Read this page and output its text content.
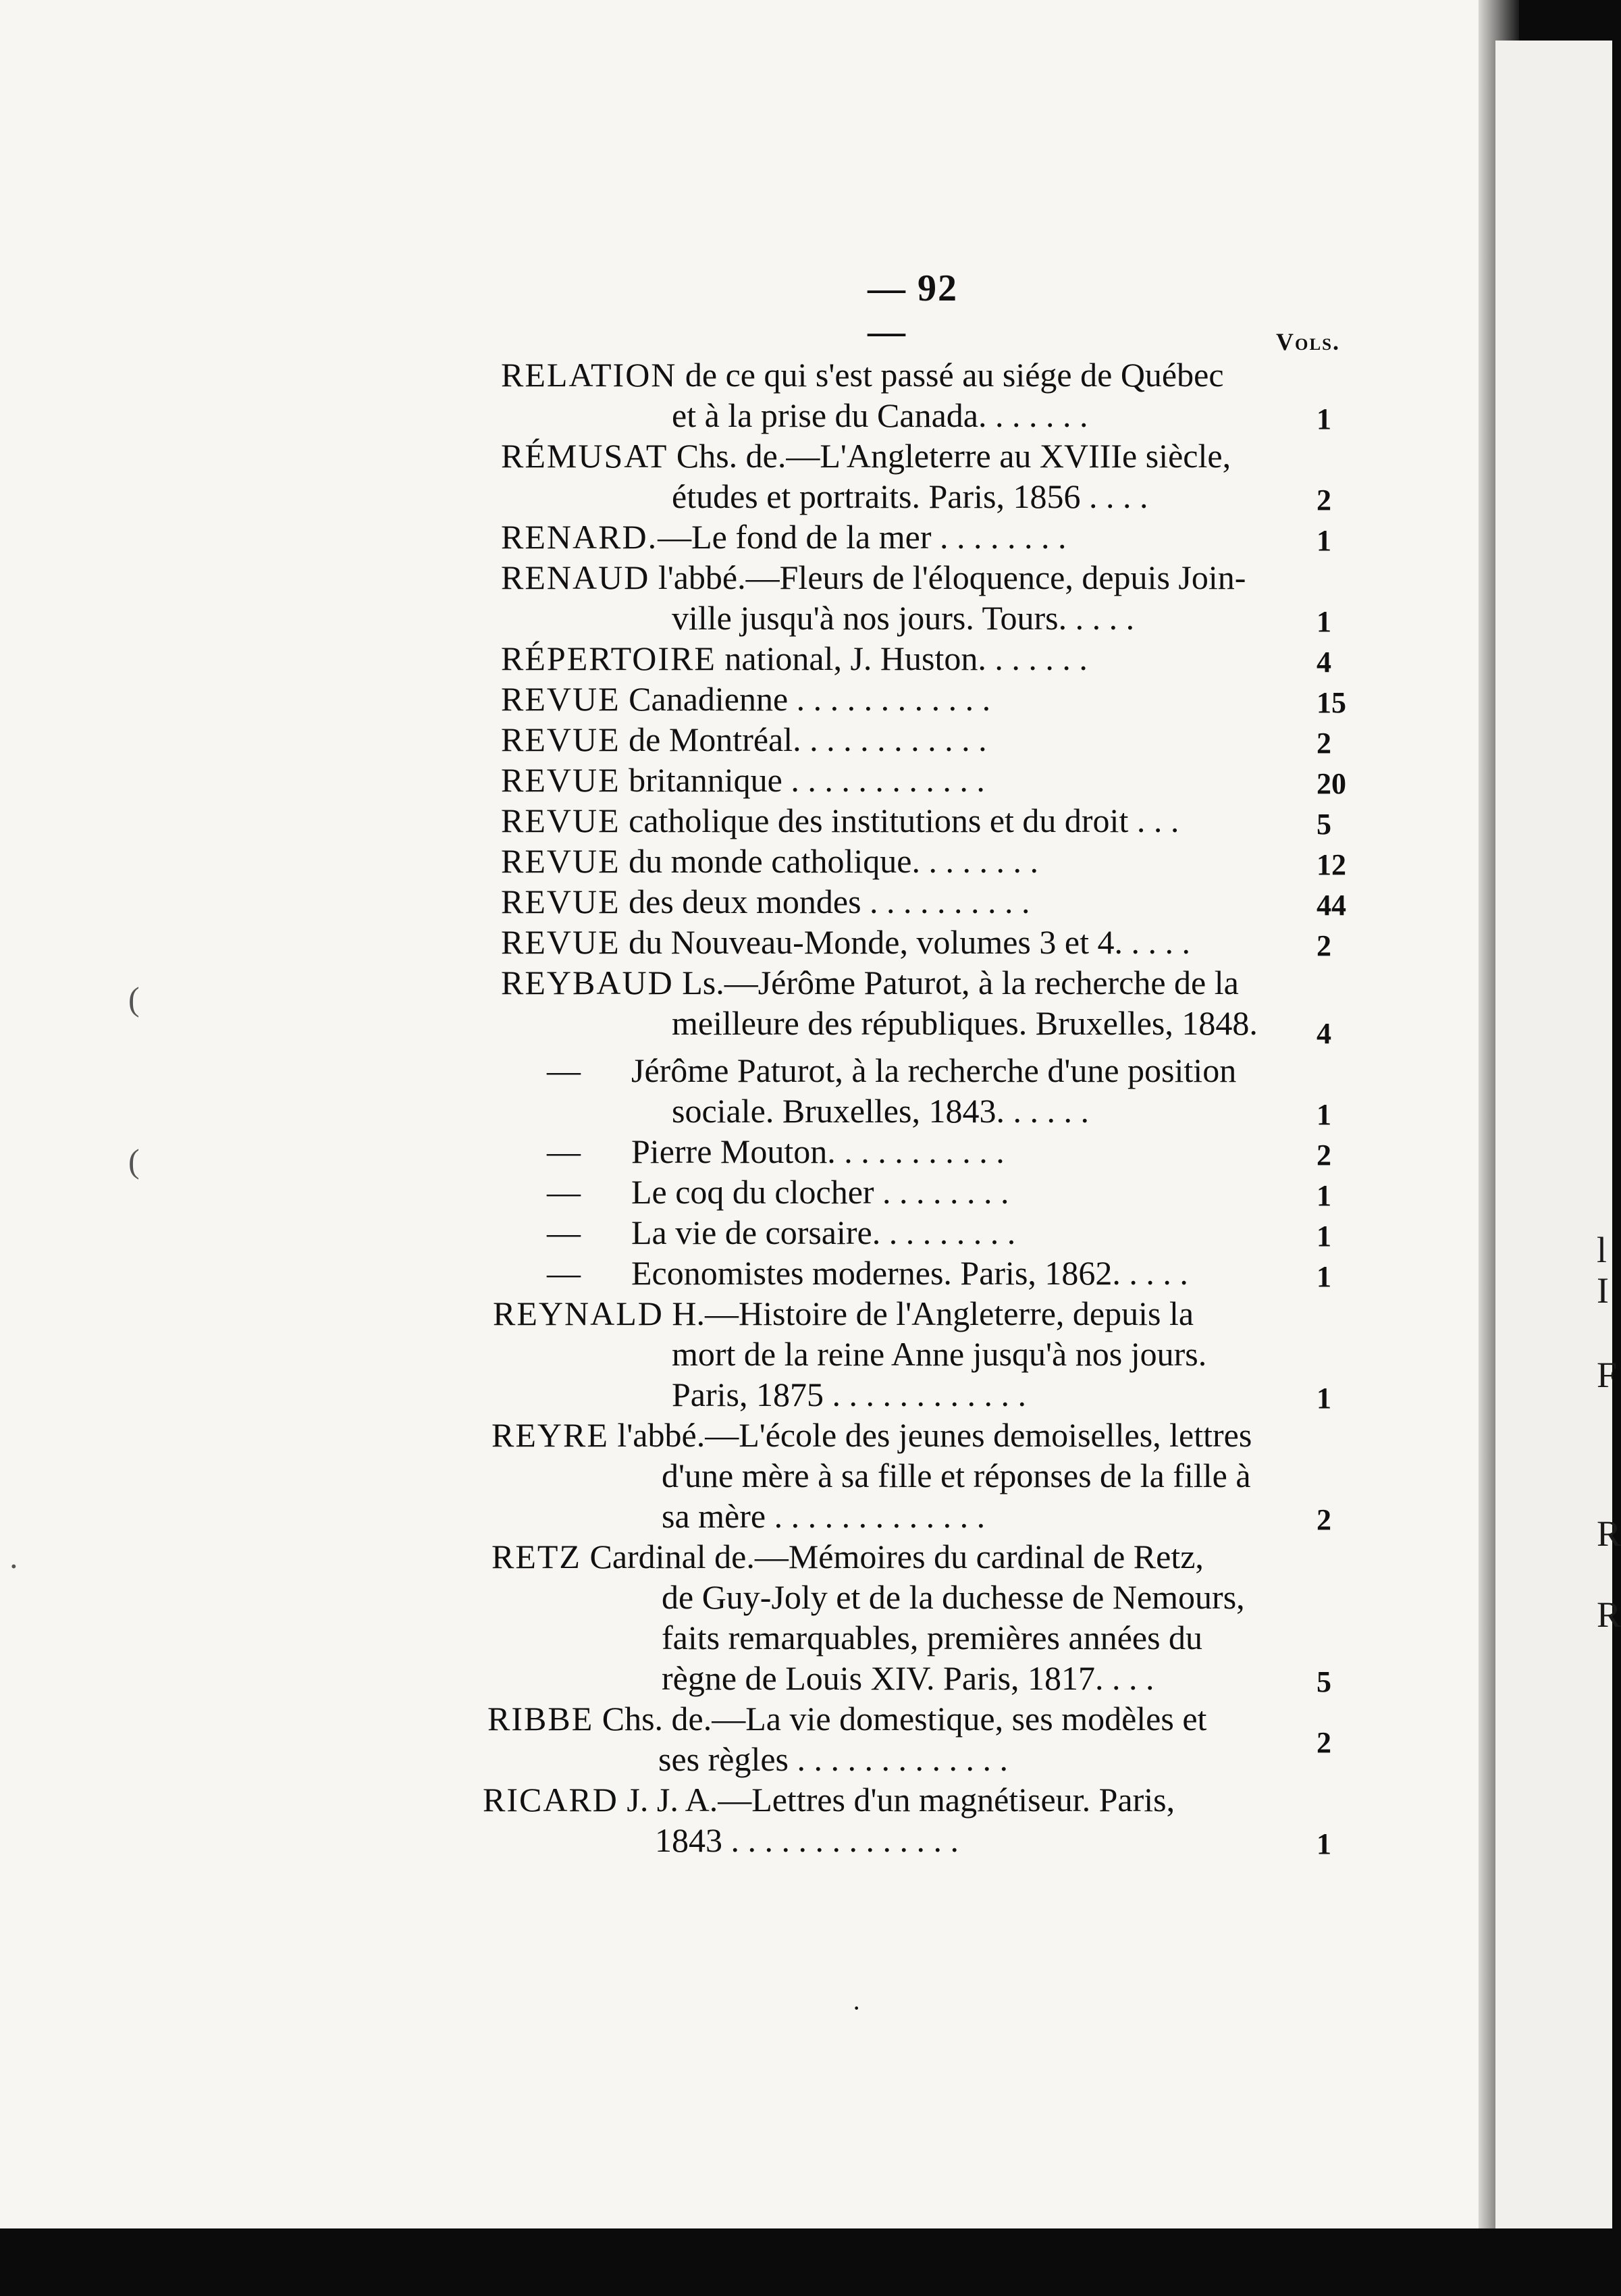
— 92 —	Vols.
RELATION de ce qui s'est passé au siége de Québec
et à la prise du Canada. . . . . . .	1
RÉMUSAT Chs. de.—L'Angleterre au XVIIIe siècle,
études et portraits. Paris, 1856 . . . .	2
RENARD.—Le fond de la mer . . . . . . . .	1
RENAUD l'abbé.—Fleurs de l'éloquence, depuis Join-
ville jusqu'à nos jours. Tours. . . . .	1
RÉPERTOIRE national, J. Huston. . . . . . .	4
REVUE Canadienne . . . . . . . . . . . .	15
REVUE de Montréal. . . . . . . . . . . .	2
REVUE britannique . . . . . . . . . . . .	20
REVUE catholique des institutions et du droit . . .	5
REVUE du monde catholique. . . . . . . .	12
REVUE des deux mondes . . . . . . . . . .	44
REVUE du Nouveau-Monde, volumes 3 et 4. . . . .	2
REYBAUD Ls.—Jérôme Paturot, à la recherche de la
meilleure des républiques. Bruxelles, 1848. 4
— Jérôme Paturot, à la recherche d'une position
sociale. Bruxelles, 1843. . . . . .	1
— Pierre Mouton. . . . . . . . . . .	2
— Le coq du clocher . . . . . . . .	1
— La vie de corsaire. . . . . . . . .	1
— Economistes modernes. Paris, 1862. . . . .	1
REYNALD H.—Histoire de l'Angleterre, depuis la
mort de la reine Anne jusqu'à nos jours.
Paris, 1875 . . . . . . . . . . . .	1
REYRE l'abbé.—L'école des jeunes demoiselles, lettres
d'une mère à sa fille et réponses de la fille à
sa mère . . . . . . . . . . . . .	2
RETZ Cardinal de.—Mémoires du cardinal de Retz,
de Guy-Joly et de la duchesse de Nemours,
faits remarquables, premières années du
règne de Louis XIV. Paris, 1817. . . .	5
RIBBE Chs. de.—La vie domestique, ses modèles et
ses règles . . . . . . . . . . . . .	2
RICARD J. J. A.—Lettres d'un magnétiseur. Paris,
1843 . . . . . . . . . . . . . .	1
·
(
(
·
l
I
F
R
R
